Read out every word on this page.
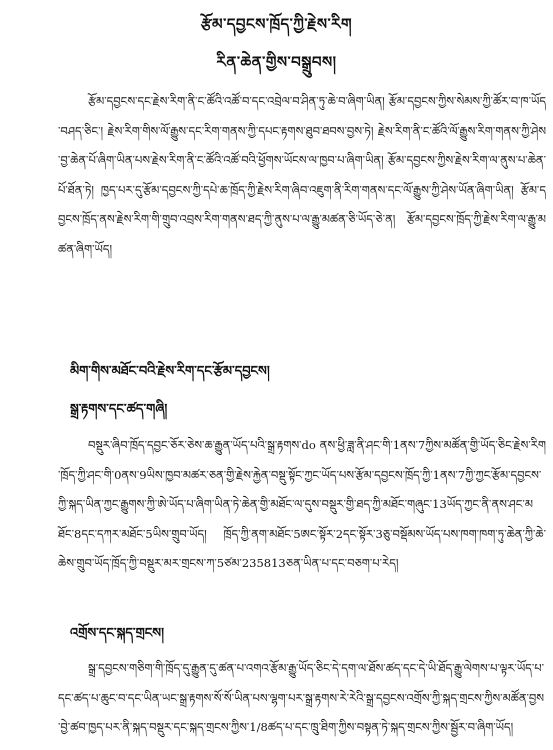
རྩོམ་དབྱངས་ཁྲོད་ཀྱི་རྗེས་རིག
རིན་ཆེན་གྱིས་བསྒྲུབས།

རྩོམ་དབྱངས་དང་རྗེས་རིག་ནི་ང་ཚོའི་འཚོ་བ་དང་འབྲེལ་བ་ཤིན་ཏུ་ཆེ་བ་ཞིག་ཡིན། རྩོམ་དབྱངས་ཀྱིས་སེམས་ཀྱི་ཚོར་བ་ཁ་ཡོད་བཤད་ཅིང་། རྗེས་རིག་གིས་ལོ་རྒྱུས་དང་རིག་གནས་ཀྱི་དཔང་རྟགས་ཐུབ་ཐབས་བྱས་ཏེ། རྗེས་རིག་ནི་ང་ཚོའི་ལོ་རྒྱུས་རིག་གནས་ཀྱི་ཤེས་བྱ་ཆེན་པོ་ཞིག་ཡིན་པས་རྗེས་རིག་ནི་ང་ཚོའི་འཚོ་བའི་ཕྱོགས་ཡོངས་ལ་ཁྱབ་པ་ཞིག་ཡིན། རྩོམ་དབྱངས་ཀྱིས་རྗེས་རིག་ལ་ནུས་པ་ཆེན་པོ་ཐོན་ཏེ། ཁྱད་པར་དུ་རྩོམ་དབྱངས་ཀྱི་དཔེ་ཆ་ཁྲོད་ཀྱི་རྗེས་རིག་ཞིབ་འཇུག་ནི་རིག་གནས་དང་ལོ་རྒྱུས་ཀྱི་ཤེས་ཡོན་ཞིག་ཡིན། རྩོམ་དབྱངས་ཁྲོད་ནས་རྗེས་རིག་གི་གྲུབ་འབྲས་རིག་གནས་ཐད་ཀྱི་ནུས་པ་ལ་རྒྱུ་མཚན་ཅི་ཡོད་ཅེ་ན། རྩོམ་དབྱངས་ཁྲོད་ཀྱི་རྗེས་རིག་ལ་རྒྱུ་མཚན་ཞིག་ཡོད།

མིག་གིས་མཐོང་བའི་རྗེས་རིག་དང་རྩོམ་དབྱངས།
སྒྲ་རྟགས་དང་ཚད་གཞི།

བསྡུར་ཞིབ་ཁྲོད་དབྱང་ཅོར་ཅེས་ཆ་རྒྱུན་ཡོད་པའི་སྒྲ་རྟགས་do ནས་ཕྱི་ཟླ་ནི་ཤང་གི་1ནས་7ཀྱིས་མཚོན་གྱི་ཡོད་ཅིང་རྗེས་རིག་ཁྲོད་ཀྱི་ཤང་གི་0ནས་9ཡིས་ཁྱབ་མཚར་ཅན་གྱི་རྗེས་རྐྱེན་བསྡུ་སྟོང་ཀྱང་ཡོད་པས་རྩོམ་དབྱངས་ཁྲོད་ཀྱི་1ནས་7ཀྱི་ཀྱང་རྩོམ་དབྱངས་ཀྱི་སྐད་ཡིན་ཀྱང་རྒྱུགས་ཀྱི་ཨེ་ཡོད་པ་ཞིག་ཡིན་ཏེ་ཆེན་གྱི་མཐོང་ལ་དུས་བསྡུར་གྱི་ཐད་ཀྱི་མཐོང་གཞུང་13ཡོད་ཀྱང་ནི་ནས་ཤང་མཐོང་8དང་དཀར་མཐོང་5ཡིས་གྲུབ་ཡོད། ཁྲོད་ཀྱི་ནག་མཐོང་5ཨང་སྟོར་2དང་སྟོར་3ཅུ་བསྡོམས་ཡོད་པས་ཁག་ཁག་ཏུ་ཆེན་ཀྱི་ཆེ་ཆེས་གྲུབ་ཡོད་ཁྲོད་ཀྱི་བསྡུར་མར་གྲངས་ཀ་5ཙམ་235813ཅན་ཡིན་པ་དང་བཅག་པ་རེད།

འགྲོས་དང་སྐད་གྲངས།

སྒྲ་དབྱངས་གཅིག་གི་ཁྲོད་དུ་རྒྱུན་དུ་ཚན་པ་འགའ་རྩོམ་རྒྱུ་ཡོད་ཅིང་དེ་དག་ལ་ཐོས་ཚད་དང་དེ་ཡི་ཐོད་རྒྱུ་ལེགས་པ་ལྟར་ཡོད་པ་དང་ཚད་པ་ཆུང་བ་དང་ཡིན་ཡང་སྒྲ་རྟགས་སོ་སོ་ཡིན་པས་ལྷག་པར་སྒྲ་རྟགས་རེ་རེའི་སྒྲ་དབྱངས་འགྲོས་ཀྱི་སྐད་གྲངས་ཀྱིས་མཚོན་བྱས་བྱེ་ཚབ་ཁྱད་པར་ནི་སྐད་བསྡུར་དང་སྐད་གྲངས་ཀྱིས་1/8ཚད་པ་དང་ཁྲུ་ཐིག་ཀྱིས་བསྟན་ཏེ་སྐད་གྲངས་ཀྱིས་སྦྱོར་བ་ཞིག་ཡོད།
